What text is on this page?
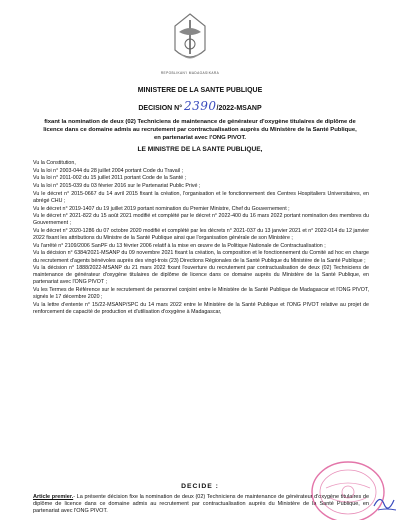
REPOBLIKAN'I MADAGASIKARA
MINISTERE DE LA SANTE PUBLIQUE
DECISION N° 2390/2022-MSANP
fixant la nomination de deux (02) Techniciens de maintenance de générateur d'oxygène titulaires de diplôme de licence dans ce domaine admis au recrutement par contractualisation auprès du Ministère de la Santé Publique, en partenariat avec l'ONG PIVOT.
LE MINISTRE DE LA SANTE PUBLIQUE,

Vu la Constitution,

Vu la loi n° 2003-044 du 28 juillet 2004 portant Code du Travail ;

Vu la loi n° 2011-002 du 15 juillet 2011 portant Code de la Santé ;

Vu la loi n° 2015-039 du 03 février 2016 sur le Partenariat Public Privé ;

Vu le décret n° 2015-0667 du 14 avril 2015 fixant la création, l'organisation et le fonctionnement des Centres Hospitaliers Universitaires, en abrégé CHU ;

Vu le décret n° 2019-1407 du 19 juillet 2019 portant nomination du Premier Ministre, Chef du Gouvernement ;

Vu le décret n° 2021-822 du 15 août 2021 modifié et complété par le décret n° 2022-400 du 16 mars 2022 portant nomination des membres du Gouvernement ;

Vu le décret n° 2020-1286 du 07 octobre 2020 modifié et complété par les décrets n° 2021-037 du 13 janvier 2021 et n° 2022-014 du 12 janvier 2022 fixant les attributions du Ministre de la Santé Publique ainsi que l'organisation générale de son Ministère ;

Vu l'arrêté n° 2109/2006 SanPF du 13 février 2006 relatif à la mise en œuvre de la Politique Nationale de Contractualisation ;

Vu la décision n° 6384/2021-MSANP du 09 novembre 2021 fixant la création, la composition et le fonctionnement du Comité ad hoc en charge du recrutement d'agents bénévoles auprès des vingt-trois (23) Directions Régionales de la Santé Publique du Ministère de la Santé Publique ;

Vu la décision n° 1888/2022-MSANP du 21 mars 2022 fixant l'ouverture du recrutement par contractualisation de deux (02) Techniciens de maintenance de générateur d'oxygène titulaires de diplôme de licence dans ce domaine auprès du Ministère de la Santé Publique, en partenariat avec l'ONG PIVOT ;

Vu les Termes de Référence sur le recrutement de personnel conjoint entre le Ministère de la Santé Publique de Madagascar et l'ONG PIVOT, signés le 17 décembre 2020 ;

Vu la lettre d'entente n° 15/22-MSANP/SPC du 14 mars 2022 entre le Ministère de la Santé Publique et l'ONG PIVOT relative au projet de renforcement de capacité de production et d'utilisation d'oxygène à Madagascar,

DECIDE :
Article premier.- La présente décision fixe la nomination de deux (02) Techniciens de maintenance de générateur d'oxygène titulaires de diplôme de licence dans ce domaine admis au recrutement par contractualisation auprès du Ministère de la Santé Publique, en partenariat avec l'ONG PIVOT.
